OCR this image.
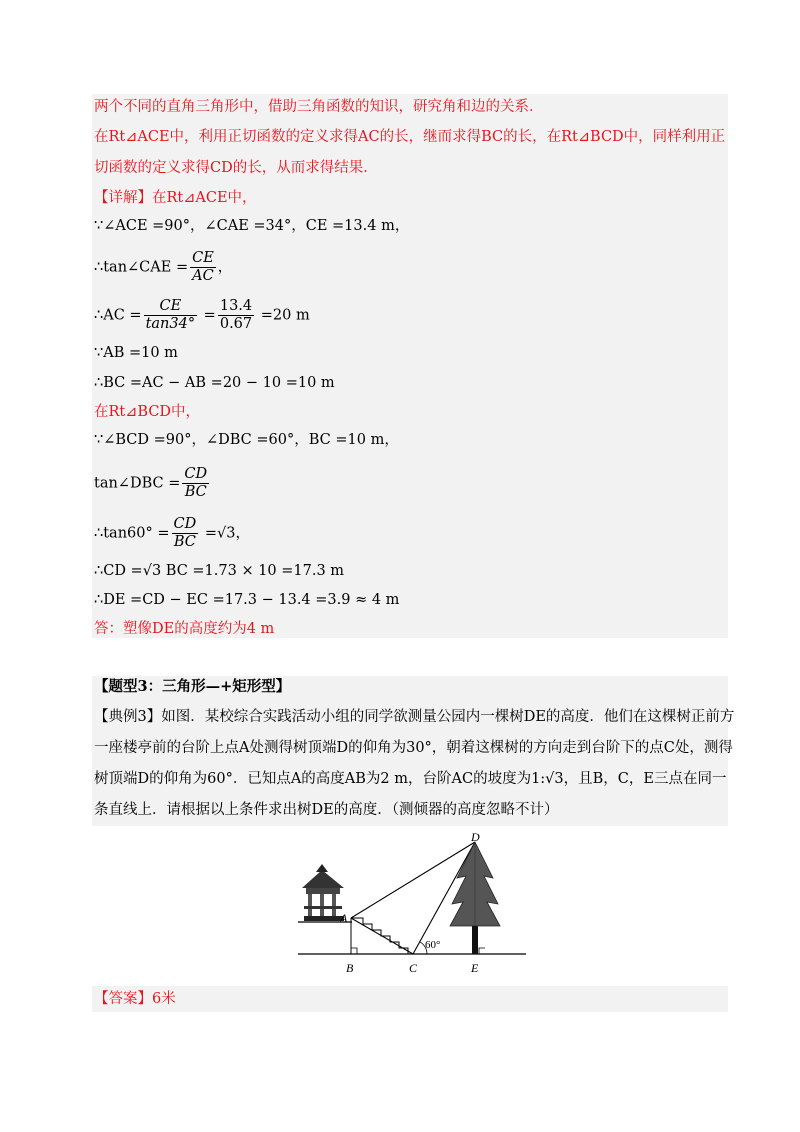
两个不同的直角三角形中，借助三角函数的知识，研究角和边的关系．
在Rt⊿ACE中，利用正切函数的定义求得AC的长，继而求得BC的长，在Rt⊿BCD中，同样利用正
切函数的定义求得CD的长，从而求得结果．
【详解】在Rt⊿ACE中，
∵∠ACE =90°，∠CAE =34°，CE =13.4 m，
∴tan∠CAE = $\frac{CE}{AC}$ ，
∴AC = $\frac{CE}{\tan 34^\circ} = \frac{13.4}{0.67} =20$ m
∵AB =10 m
∴BC =AC − AB =20 − 10 =10 m
在Rt⊿BCD中，
∵∠BCD =90°，∠DBC =60°，BC =10 m，
tan∠DBC = $\frac{CD}{BC}$
∴tan60° = $\frac{CD}{BC} =√3$，
∴CD =√3 BC =1.73 × 10 =17.3 m
∴DE =CD − EC =17.3 − 13.4 =3.9 ≈ 4 m
答：塑像DE的高度约为4 m
【题型3：三角形—+矩形型】
【典例3】如图．某校综合实践活动小组的同学欲测量公园内一棵树DE的高度．他们在这棵树正前方
一座楼亭前的台阶上点A处测得树顶端D的仰角为30°，朝着这棵树的方向走到台阶下的点C处，测得
树顶端D的仰角为60°．已知点A的高度AB为2 m，台阶AC的坡度为1:√3，且B，C，E三点在同一
条直线上．请根据以上条件求出树DE的高度．（测倾器的高度忽略不计）
A
B	C
D
E
60°
【答案】6米
